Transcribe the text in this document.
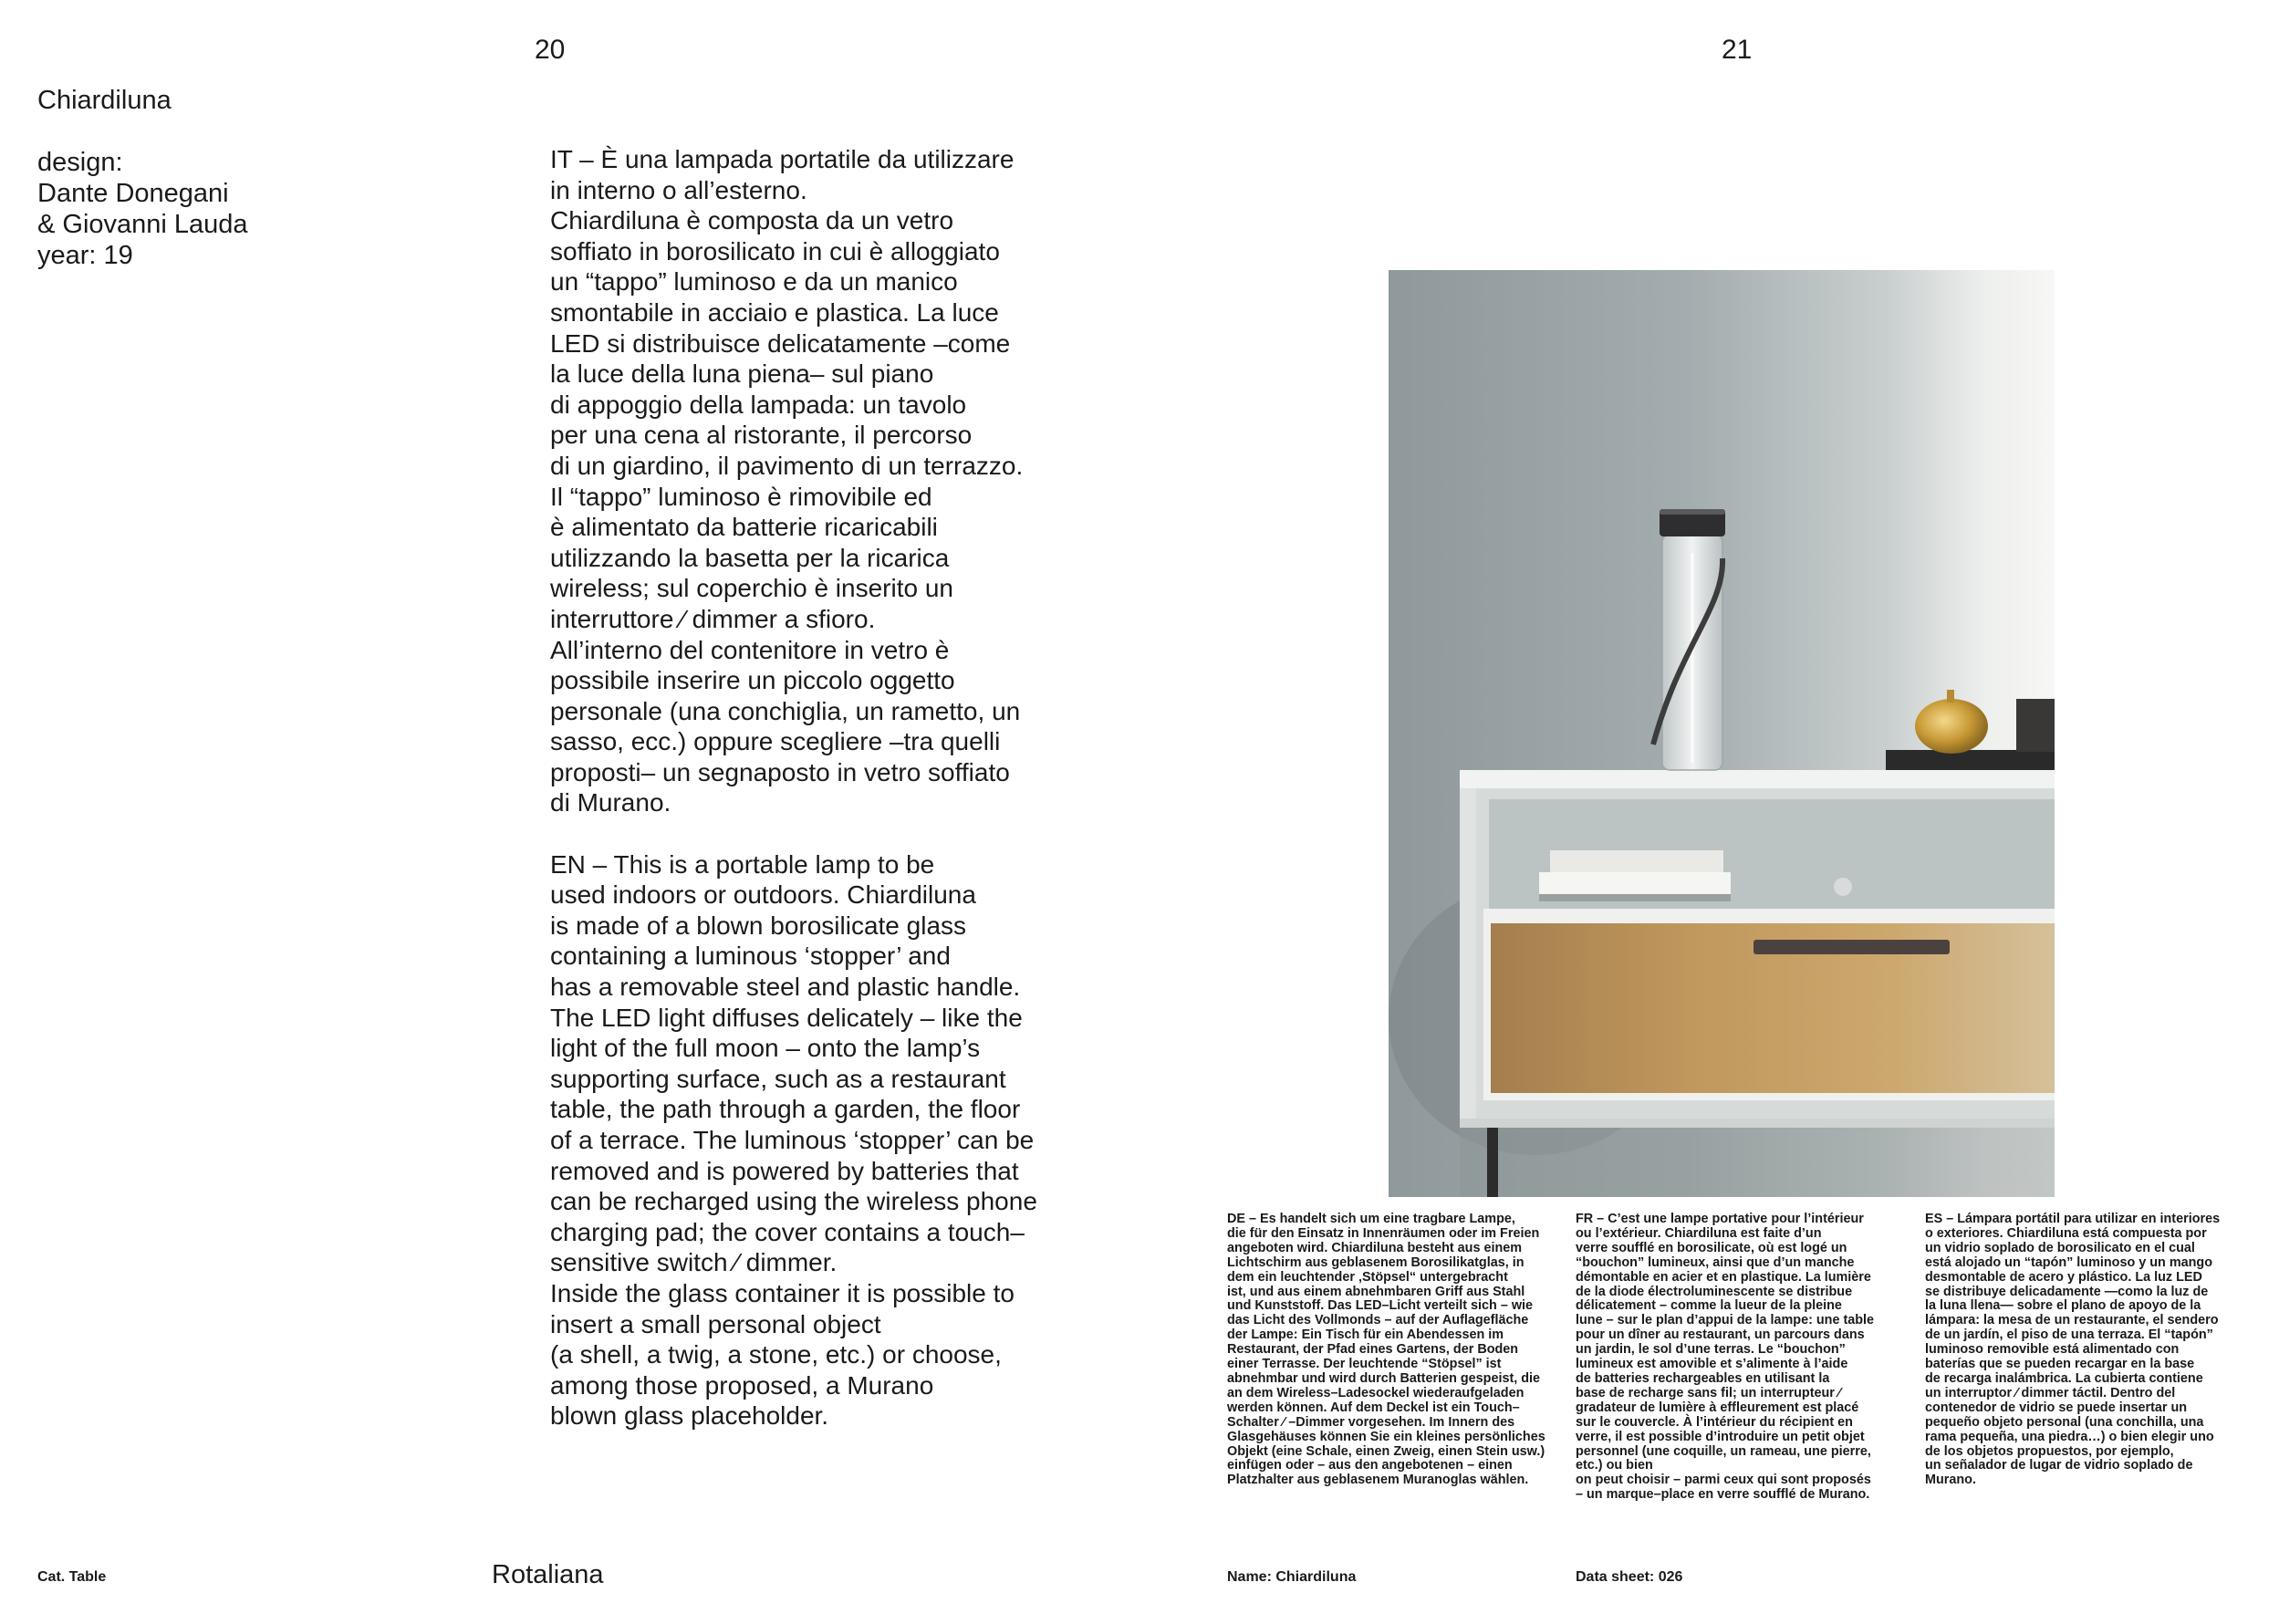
20	21
Chiardiluna
design:
Dante Donegani
& Giovanni Lauda
year: 19

IT – È una lampada portatile da utilizzare
in interno o all’esterno.
Chiardiluna è composta da un vetro
soffiato in borosilicato in cui è alloggiato
un “tappo” luminoso e da un manico
smontabile in acciaio e plastica. La luce
LED si distribuisce delicatamente –come
la luce della luna piena– sul piano
di appoggio della lampada: un tavolo
per una cena al ristorante, il percorso
di un giardino, il pavimento di un terrazzo.
Il “tappo” luminoso è rimovibile ed
è alimentato da batterie ricaricabili
utilizzando la basetta per la ricarica
wireless; sul coperchio è inserito un
interruttore ⁄ dimmer a sfioro.
All’interno del contenitore in vetro è
possibile inserire un piccolo oggetto
personale (una conchiglia, un rametto, un
sasso, ecc.) oppure scegliere –tra quelli
proposti– un segnaposto in vetro soffiato
di Murano.

EN – This is a portable lamp to be
used indoors or outdoors. Chiardiluna
is made of a blown borosilicate glass
containing a luminous ‘stopper’ and
has a removable steel and plastic handle.
The LED light diffuses delicately – like the
light of the full moon – onto the lamp’s
supporting surface, such as a restaurant
table, the path through a garden, the floor
of a terrace. The luminous ‘stopper’ can be
removed and is powered by batteries that
can be recharged using the wireless phone
charging pad; the cover contains a touch–
sensitive switch ⁄ dimmer.
Inside the glass container it is possible to
insert a small personal object
(a shell, a twig, a stone, etc.) or choose,
among those proposed, a Murano
blown glass placeholder.

DE – Es handelt sich um eine tragbare Lampe,
die für den Einsatz in Innenräumen oder im Freien
angeboten wird. Chiardiluna besteht aus einem
Lichtschirm aus geblasenem Borosilikatglas, in
dem ein leuchtender ‚Stöpsel“ untergebracht
ist, und aus einem abnehmbaren Griff aus Stahl
und Kunststoff. Das LED–Licht verteilt sich – wie
das Licht des Vollmonds – auf der Auflagefläche
der Lampe: Ein Tisch für ein Abendessen im
Restaurant, der Pfad eines Gartens, der Boden
einer Terrasse. Der leuchtende “Stöpsel” ist
abnehmbar und wird durch Batterien gespeist, die
an dem Wireless–Ladesockel wiederaufgeladen
werden können. Auf dem Deckel ist ein Touch–
Schalter ⁄ –Dimmer vorgesehen. Im Innern des
Glasgehäuses können Sie ein kleines persönliches
Objekt (eine Schale, einen Zweig, einen Stein usw.)
einfügen oder – aus den angebotenen – einen
Platzhalter aus geblasenem Muranoglas wählen.
FR – C’est une lampe portative pour l’intérieur
ou l’extérieur. Chiardiluna est faite d’un
verre soufflé en borosilicate, où est logé un
“bouchon” lumineux, ainsi que d’un manche
démontable en acier et en plastique. La lumière
de la diode électroluminescente se distribue
délicatement – comme la lueur de la pleine
lune – sur le plan d’appui de la lampe: une table
pour un dîner au restaurant, un parcours dans
un jardin, le sol d’une terras. Le “bouchon”
lumineux est amovible et s’alimente à l’aide
de batteries rechargeables en utilisant la
base de recharge sans fil; un interrupteur ⁄
gradateur de lumière à effleurement est placé
sur le couvercle. À l’intérieur du récipient en
verre, il est possible d’introduire un petit objet
personnel (une coquille, un rameau, une pierre,
etc.) ou bien
on peut choisir – parmi ceux qui sont proposés
– un marque–place en verre soufflé de Murano.
ES – Lámpara portátil para utilizar en interiores
o exteriores. Chiardiluna está compuesta por
un vidrio soplado de borosilicato en el cual
está alojado un “tapón” luminoso y un mango
desmontable de acero y plástico. La luz LED
se distribuye delicadamente —como la luz de
la luna llena— sobre el plano de apoyo de la
lámpara: la mesa de un restaurante, el sendero
de un jardín, el piso de una terraza. El “tapón”
luminoso removible está alimentado con
baterías que se pueden recargar en la base
de recarga inalámbrica. La cubierta contiene
un interruptor ⁄ dimmer táctil. Dentro del
contenedor de vidrio se puede insertar un
pequeño objeto personal (una conchilla, una
rama pequeña, una piedra…) o bien elegir uno
de los objetos propuestos, por ejemplo,
un señalador de lugar de vidrio soplado de
Murano.
Cat. Table	Rotaliana	Name: Chiardiluna	Data sheet: 026
